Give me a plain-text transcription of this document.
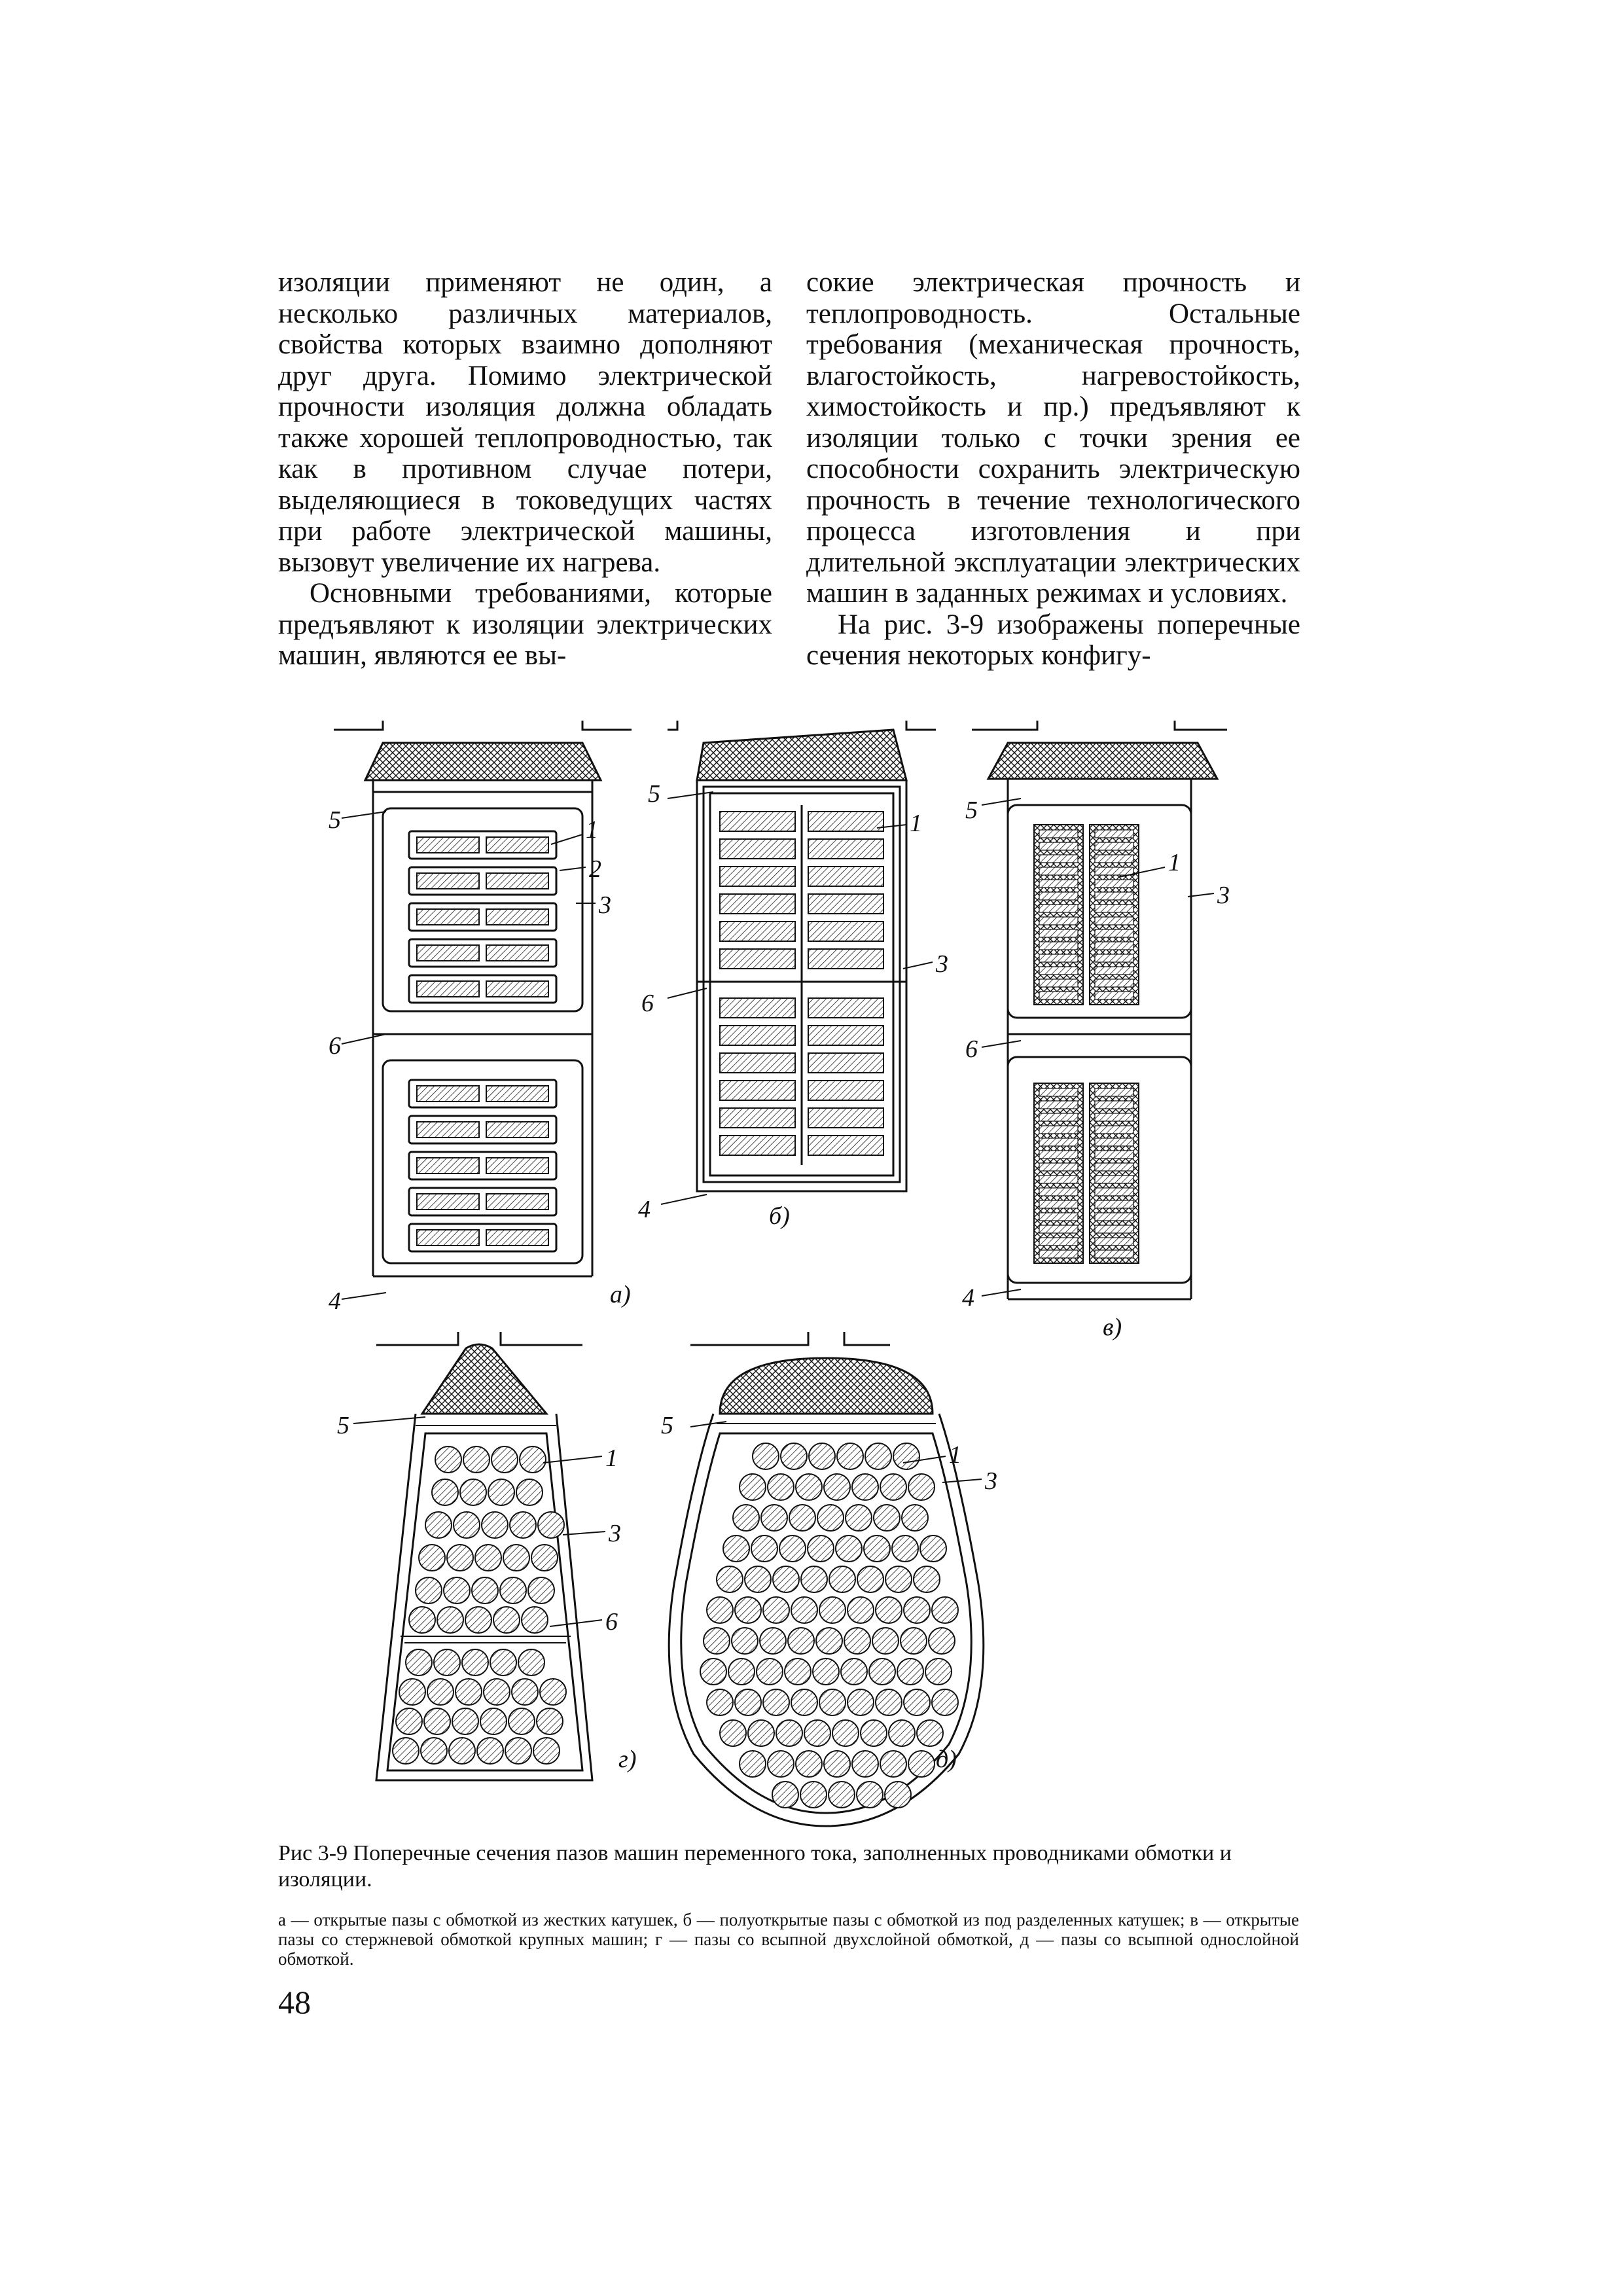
изоляции применяют не один, а несколько различных материалов, свойства которых взаимно дополняют друг друга. Помимо электрической прочности изоляция должна обладать также хорошей теплопроводностью, так как в противном случае потери, выделяющиеся в токоведущих частях при работе электрической машины, вызовут увеличение их нагрева.

Основными требованиями, которые предъявляют к изоляции электрических машин, являются ее вы-

сокие электрическая прочность и теплопроводность. Остальные требования (механическая прочность, влагостойкость, нагревостойкость, химостойкость и пр.) предъявляют к изоляции только с точки зрения ее способности сохранить электрическую прочность в течение технологического процесса изготовления и при длительной эксплуатации электрических машин в заданных режимах и условиях.

На рис. 3-9 изображены поперечные сечения некоторых конфигу-

5	1
2
3
6
4	а)
5
1
3
6
4	б)
5
1
3
6
4
в)
5
1
3
6
г)
5
1
3
д)
Рис 3-9 Поперечные сечения пазов машин переменного тока, заполненных проводниками обмотки и изоляции.
а — открытые пазы с обмоткой из жестких катушек, б — полуоткрытые пазы с обмоткой из под разделенных катушек; в — открытые пазы со стержневой обмоткой крупных машин; г — пазы со всыпной двухслойной обмоткой, д — пазы со всыпной однослойной обмоткой.
48
